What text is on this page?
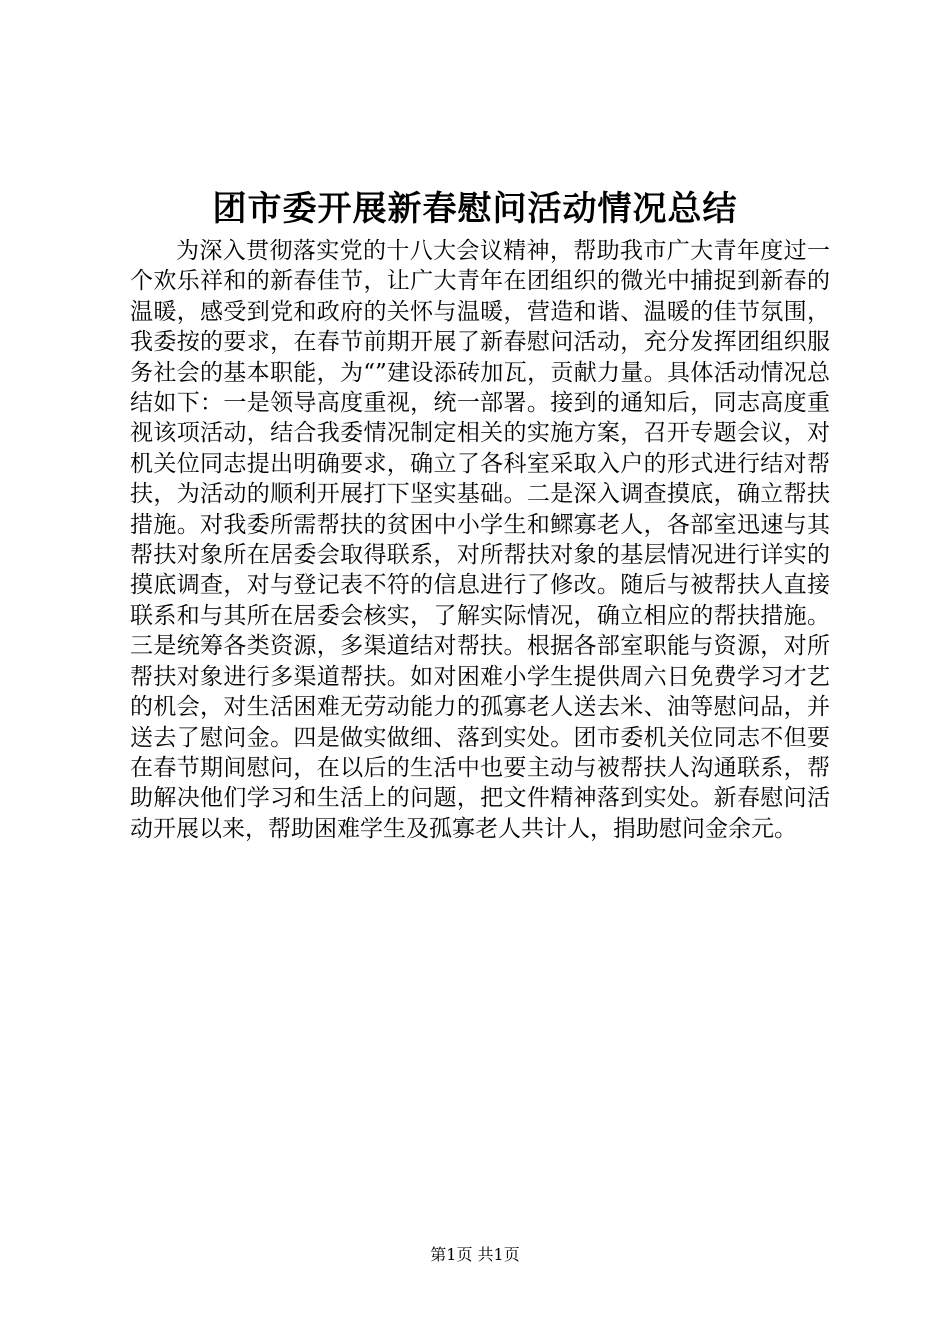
团市委开展新春慰问活动情况总结

为深入贯彻落实党的十八大会议精神，帮助我市广大青年度过一个欢乐祥和的新春佳节，让广大青年在团组织的微光中捕捉到新春的温暖，感受到党和政府的关怀与温暖，营造和谐、温暖的佳节氛围，我委按的要求，在春节前期开展了新春慰问活动，充分发挥团组织服务社会的基本职能，为“”建设添砖加瓦，贡献力量。具体活动情况总结如下：一是领导高度重视，统一部署。接到的通知后，同志高度重视该项活动，结合我委情况制定相关的实施方案，召开专题会议，对机关位同志提出明确要求，确立了各科室采取入户的形式进行结对帮扶，为活动的顺利开展打下坚实基础。二是深入调查摸底，确立帮扶措施。对我委所需帮扶的贫困中小学生和鳏寡老人，各部室迅速与其帮扶对象所在居委会取得联系，对所帮扶对象的基层情况进行详实的摸底调查，对与登记表不符的信息进行了修改。随后与被帮扶人直接联系和与其所在居委会核实，了解实际情况，确立相应的帮扶措施。三是统筹各类资源，多渠道结对帮扶。根据各部室职能与资源，对所帮扶对象进行多渠道帮扶。如对困难小学生提供周六日免费学习才艺的机会，对生活困难无劳动能力的孤寡老人送去米、油等慰问品，并送去了慰问金。四是做实做细、落到实处。团市委机关位同志不但要在春节期间慰问，在以后的生活中也要主动与被帮扶人沟通联系，帮助解决他们学习和生活上的问题，把文件精神落到实处。新春慰问活动开展以来，帮助困难学生及孤寡老人共计人，捐助慰问金余元。

第1页 共1页
